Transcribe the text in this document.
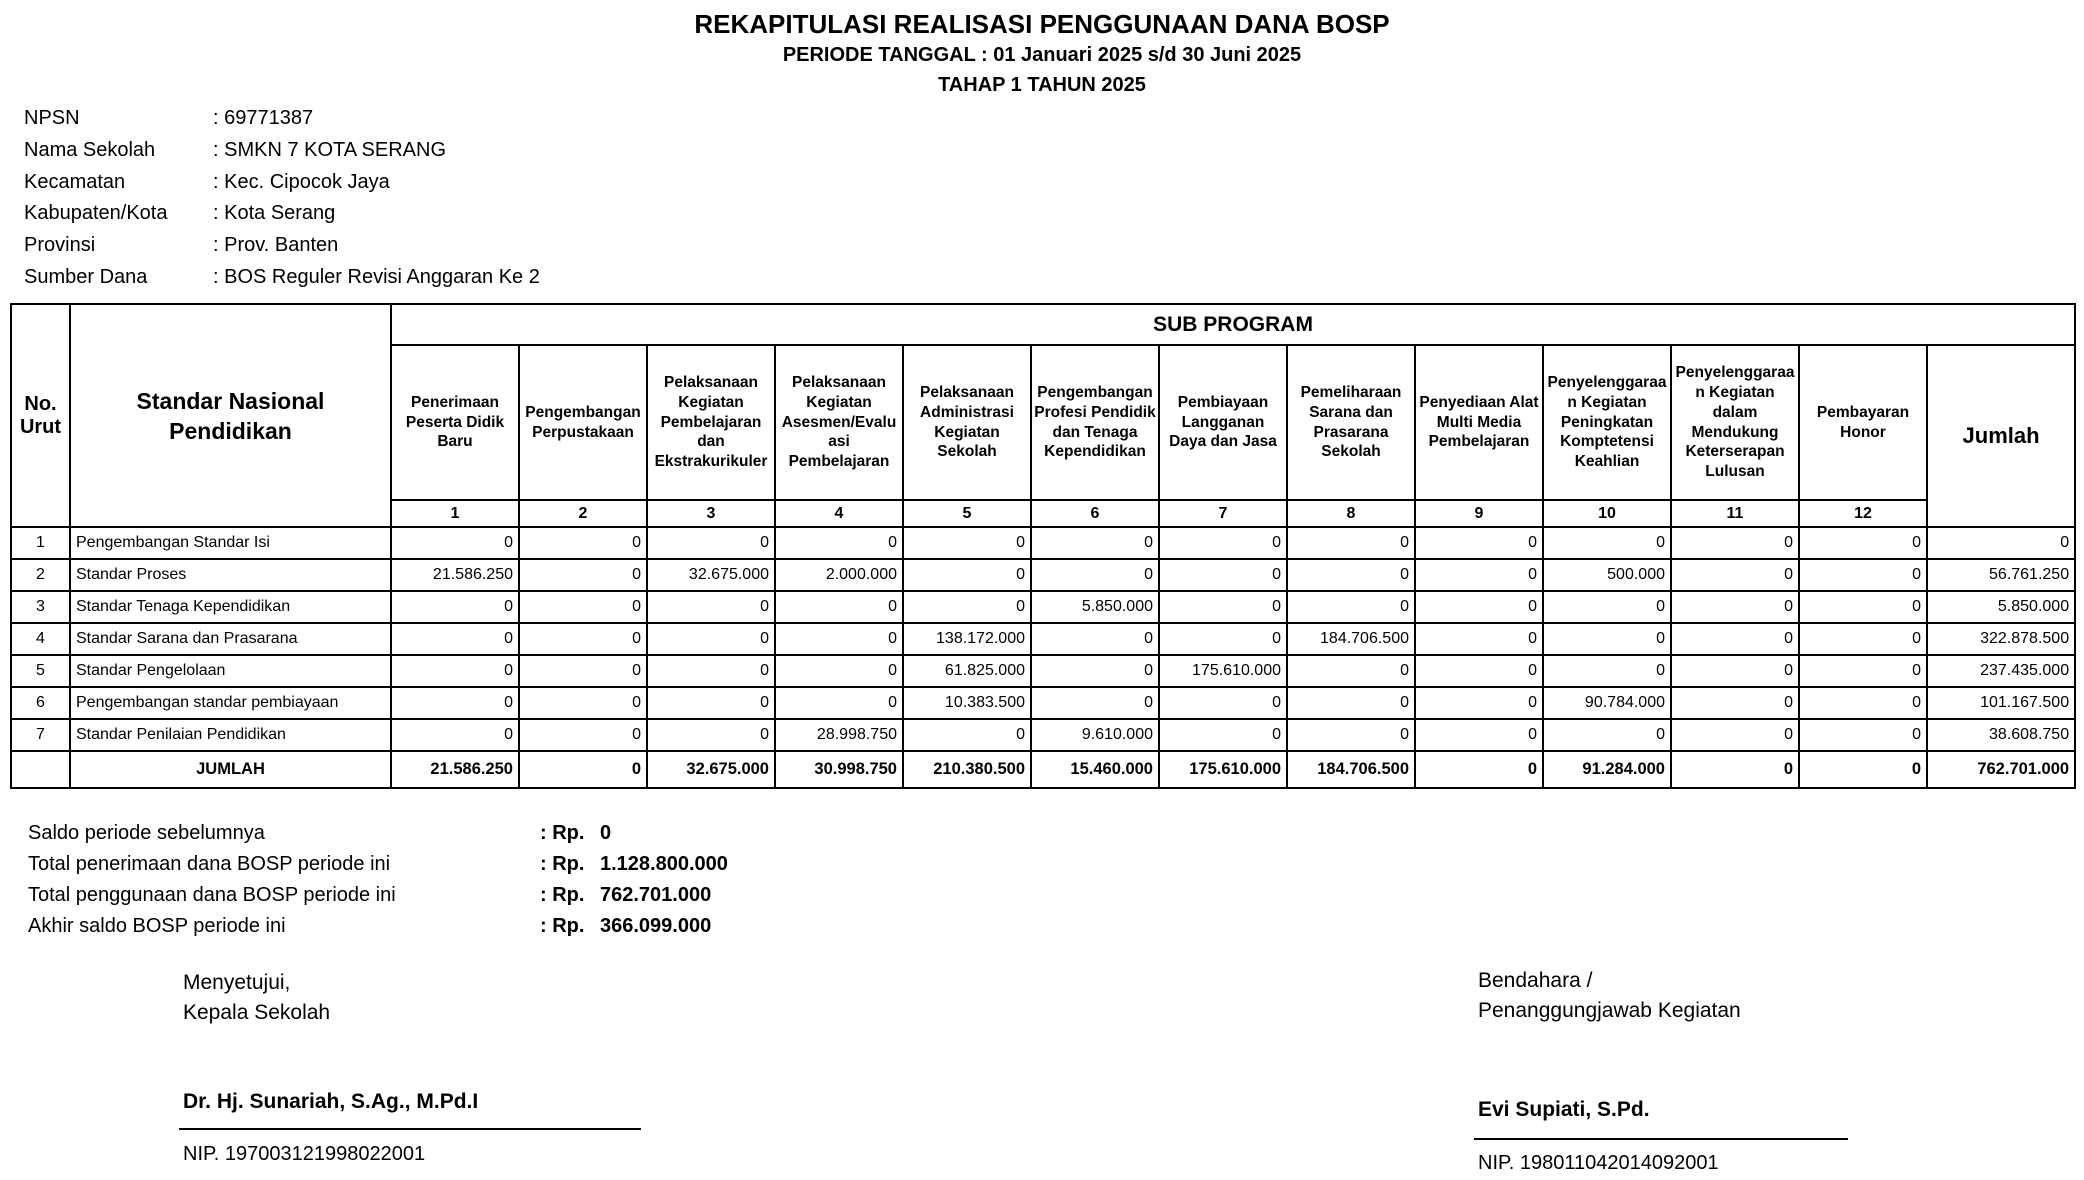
REKAPITULASI REALISASI PENGGUNAAN DANA BOSP
PERIODE TANGGAL : 01 Januari 2025 s/d 30 Juni 2025
TAHAP 1 TAHUN 2025
NPSN	: 69771387
Nama Sekolah	: SMKN 7 KOTA SERANG
Kecamatan	: Kec. Cipocok Jaya
Kabupaten/Kota	: Kota Serang
Provinsi	: Prov. Banten
Sumber Dana	: BOS Reguler Revisi Anggaran Ke 2
No. Urut	Standar Nasional Pendidikan	SUB PROGRAM												
		Penerimaan Peserta Didik Baru	Pengembangan Perpustakaan	Pelaksanaan Kegiatan Pembelajaran dan Ekstrakurikuler	Pelaksanaan Kegiatan Asesmen/Evaluasi Pembelajaran	Pelaksanaan Administrasi Kegiatan Sekolah	Pengembangan Profesi Pendidik dan Tenaga Kependidikan	Pembiayaan Langganan Daya dan Jasa	Pemeliharaan Sarana dan Prasarana Sekolah	Penyediaan Alat Multi Media Pembelajaran	Penyelenggaraan Kegiatan Peningkatan Komptetensi Keahlian	Penyelenggaraan Kegiatan dalam Mendukung Keterserapan Lulusan	Pembayaran Honor	Jumlah
		1	2	3	4	5	6	7	8	9	10	11	12	
1	Pengembangan Standar Isi	0	0	0	0	0	0	0	0	0	0	0	0	0
2	Standar Proses	21.586.250	0	32.675.000	2.000.000	0	0	0	0	0	500.000	0	0	56.761.250
3	Standar Tenaga Kependidikan	0	0	0	0	0	5.850.000	0	0	0	0	0	0	5.850.000
4	Standar Sarana dan Prasarana	0	0	0	0	138.172.000	0	0	184.706.500	0	0	0	0	322.878.500
5	Standar Pengelolaan	0	0	0	0	61.825.000	0	175.610.000	0	0	0	0	0	237.435.000
6	Pengembangan standar pembiayaan	0	0	0	0	10.383.500	0	0	0	0	90.784.000	0	0	101.167.500
7	Standar Penilaian Pendidikan	0	0	0	28.998.750	0	9.610.000	0	0	0	0	0	0	38.608.750
	JUMLAH	21.586.250	0	32.675.000	30.998.750	210.380.500	15.460.000	175.610.000	184.706.500	0	91.284.000	0	0	762.701.000
Saldo periode sebelumnya	: Rp. 0
Total penerimaan dana BOSP periode ini	: Rp. 1.128.800.000
Total penggunaan dana BOSP periode ini	: Rp. 762.701.000
Akhir saldo BOSP periode ini	: Rp. 366.099.000
Menyetujui,
Kepala Sekolah
Dr. Hj. Sunariah, S.Ag., M.Pd.I
NIP. 197003121998022001
Bendahara /
Penanggungjawab Kegiatan
Evi Supiati, S.Pd.
NIP. 198011042014092001
